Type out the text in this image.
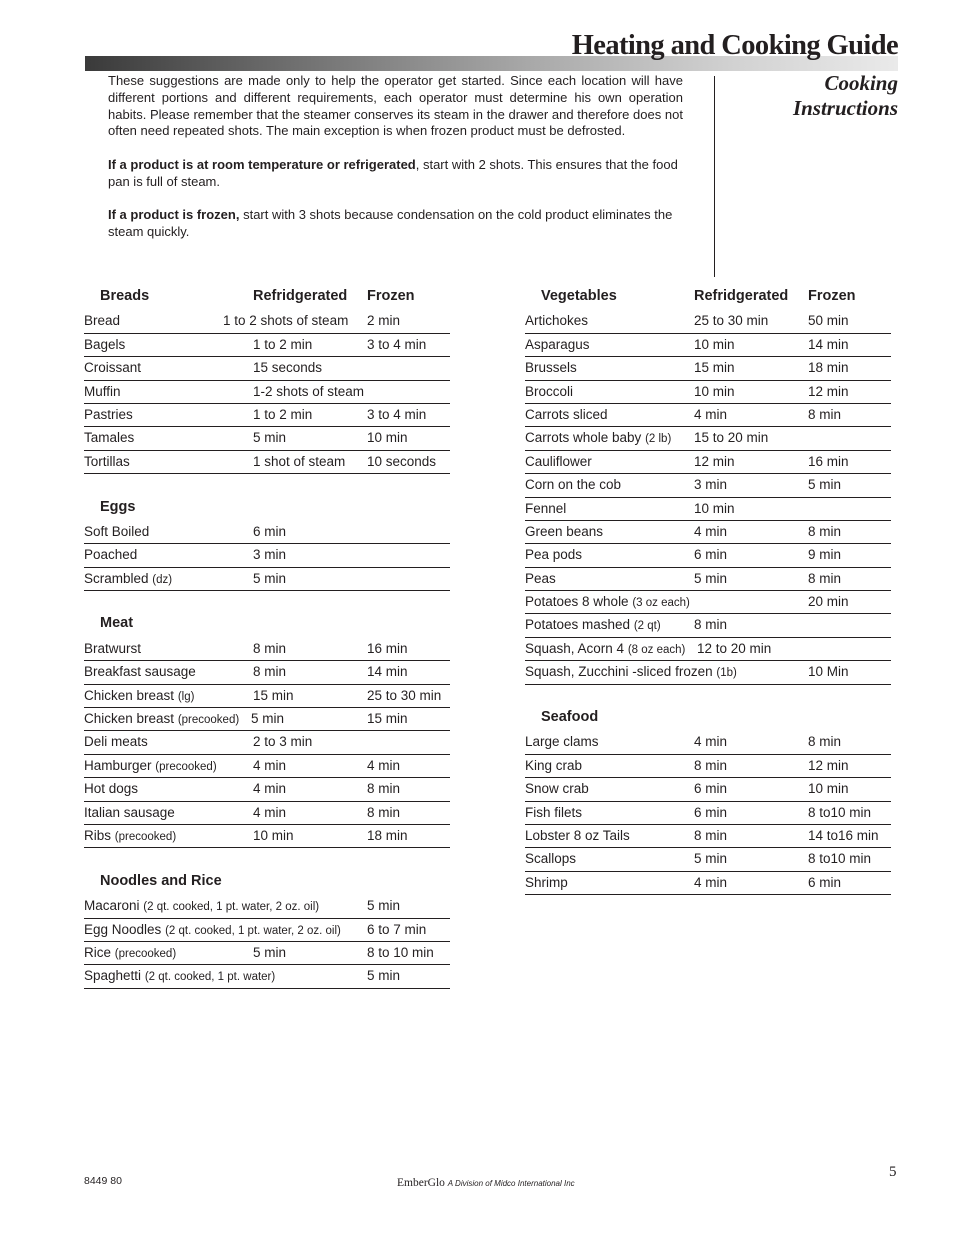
Heating and Cooking Guide
Cooking
Instructions

These suggestions are made only to help the operator get started. Since each location will have different portions and different requirements, each operator must determine his own operation habits. Please remember that the steamer conserves its steam in the drawer and therefore does not often need repeated shots. The main exception is when frozen product must be defrosted.

If a product is at room temperature or refrigerated, start with 2 shots. This ensures that the food pan is full of steam.

If a product is frozen, start with 3 shots because condensation on the cold product eliminates the steam quickly.

Breads	Refridgerated Frozen
Bread	1 to 2 shots of steam 2 min
Bagels	1 to 2 min	3 to 4 min
Croissant	15 seconds
Muffin	1-2 shots of steam
Pastries	1 to 2 min	3 to 4 min
Tamales	5 min	10 min
Tortillas	1 shot of steam 10 seconds
Eggs
Soft Boiled	6 min
Poached	3 min
Scrambled (dz)	5 min
Meat
Bratwurst	8 min	16 min
Breakfast sausage	8 min	14 min
Chicken breast (lg)	15 min	25 to 30 min
Chicken breast (precooked) 5 min	15 min
Deli meats	2 to 3 min
Hamburger (precooked)	4 min	4 min
Hot dogs	4 min	8 min
Italian sausage	4 min	8 min
Ribs (precooked)	10 min	18 min
Noodles and Rice
Macaroni (2 qt. cooked, 1 pt. water, 2 oz. oil)	5 min
Egg Noodles (2 qt. cooked, 1 pt. water, 2 oz. oil) 6 to 7 min
Rice (precooked)	5 min	8 to 10 min
Spaghetti (2 qt. cooked, 1 pt. water)	5 min
Vegetables	Refridgerated Frozen
Artichokes	25 to 30 min	50 min
Asparagus	10 min	14 min
Brussels	15 min	18 min
Broccoli	10 min	12 min
Carrots sliced	4 min	8 min
Carrots whole baby (2 lb) 15 to 20 min
Cauliflower	12 min	16 min
Corn on the cob	3 min	5 min
Fennel	10 min
Green beans	4 min	8 min
Pea pods	6 min	9 min
Peas	5 min	8 min
Potatoes 8 whole (3 oz each)	20 min
Potatoes mashed (2 qt) 8 min
Squash, Acorn 4 (8 oz each) 12 to 20 min
Squash, Zucchini -sliced frozen (1b)	10 Min
Seafood
Large clams	4 min	8 min
King crab	8 min	12 min
Snow crab	6 min	10 min
Fish filets	6 min	8 to10 min
Lobster 8 oz Tails	8 min	14 to16 min
Scallops	5 min	8 to10 min
Shrimp	4 min	6 min
8449 80	EmberGlo A Division of Midco International Inc
5
